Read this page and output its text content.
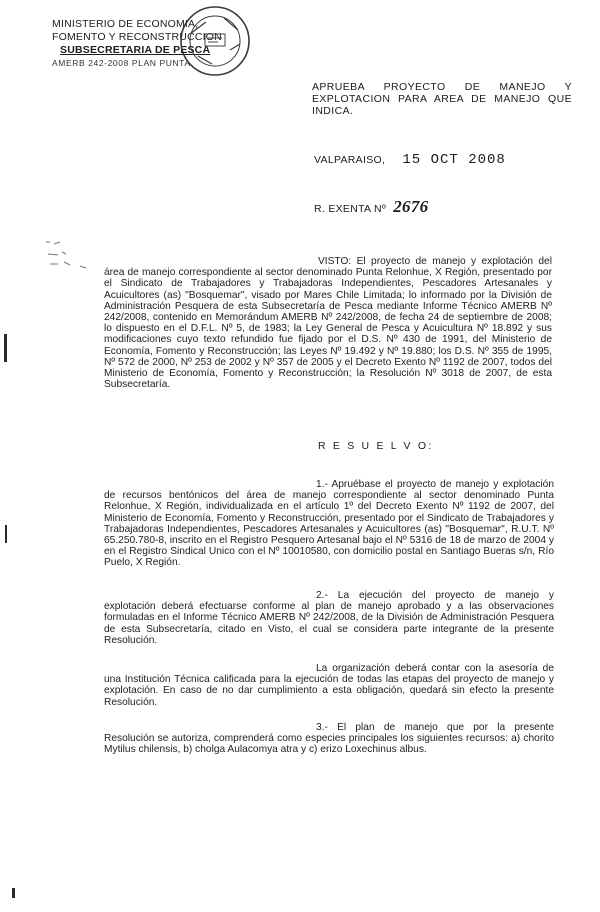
MINISTERIO DE ECONOMIA,
FOMENTO Y RECONSTRUCCION
SUBSECRETARIA DE PESCA
AMERB 242-2008 PLAN PUNTA
APRUEBA PROYECTO DE MANEJO Y EXPLOTACION PARA AREA DE MANEJO QUE INDICA.
VALPARAISO, 15 OCT 2008
R. EXENTA Nº 2676
VISTO: El proyecto de manejo y explotación del área de manejo correspondiente al sector denominado Punta Relonhue, X Región, presentado por el Sindicato de Trabajadores y Trabajadoras Independientes, Pescadores Artesanales y Acuicultores (as) "Bosquemar", visado por Mares Chile Limitada; lo informado por la División de Administración Pesquera de esta Subsecretaría de Pesca mediante Informe Técnico AMERB Nº 242/2008, contenido en Memorándum AMERB Nº 242/2008, de fecha 24 de septiembre de 2008; lo dispuesto en el D.F.L. Nº 5, de 1983; la Ley General de Pesca y Acuicultura Nº 18.892 y sus modificaciones cuyo texto refundido fue fijado por el D.S. Nº 430 de 1991, del Ministerio de Economía, Fomento y Reconstrucción; las Leyes Nº 19.492 y Nº 19.880; los D.S. Nº 355 de 1995, Nº 572 de 2000, Nº 253 de 2002 y Nº 357 de 2005 y el Decreto Exento Nº 1192 de 2007, todos del Ministerio de Economía, Fomento y Reconstrucción; la Resolución Nº 3018 de 2007, de esta Subsecretaría.
R E S U E L V O:
1.- Apruébase el proyecto de manejo y explotación de recursos bentónicos del área de manejo correspondiente al sector denominado Punta Relonhue, X Región, individualizada en el artículo 1º del Decreto Exento Nº 1192 de 2007, del Ministerio de Economía, Fomento y Reconstrucción, presentado por el Sindicato de Trabajadores y Trabajadoras Independientes, Pescadores Artesanales y Acuicultores (as) "Bosquemar", R.U.T. Nº 65.250.780-8, inscrito en el Registro Pesquero Artesanal bajo el Nº 5316 de 18 de marzo de 2004 y en el Registro Sindical Unico con el Nº 10010580, con domicilio postal en Santiago Bueras s/n, Río Puelo, X Región.
2.- La ejecución del proyecto de manejo y explotación deberá efectuarse conforme al plan de manejo aprobado y a las observaciones formuladas en el Informe Técnico AMERB Nº 242/2008, de la División de Administración Pesquera de esta Subsecretaría, citado en Visto, el cual se considera parte integrante de la presente Resolución.
La organización deberá contar con la asesoría de una Institución Técnica calificada para la ejecución de todas las etapas del proyecto de manejo y explotación. En caso de no dar cumplimiento a esta obligación, quedará sin efecto la presente Resolución.
3.- El plan de manejo que por la presente Resolución se autoriza, comprenderá como especies principales los siguientes recursos: a) chorito Mytilus chilensis, b) cholga Aulacomya atra y c) erizo Loxechinus albus.
